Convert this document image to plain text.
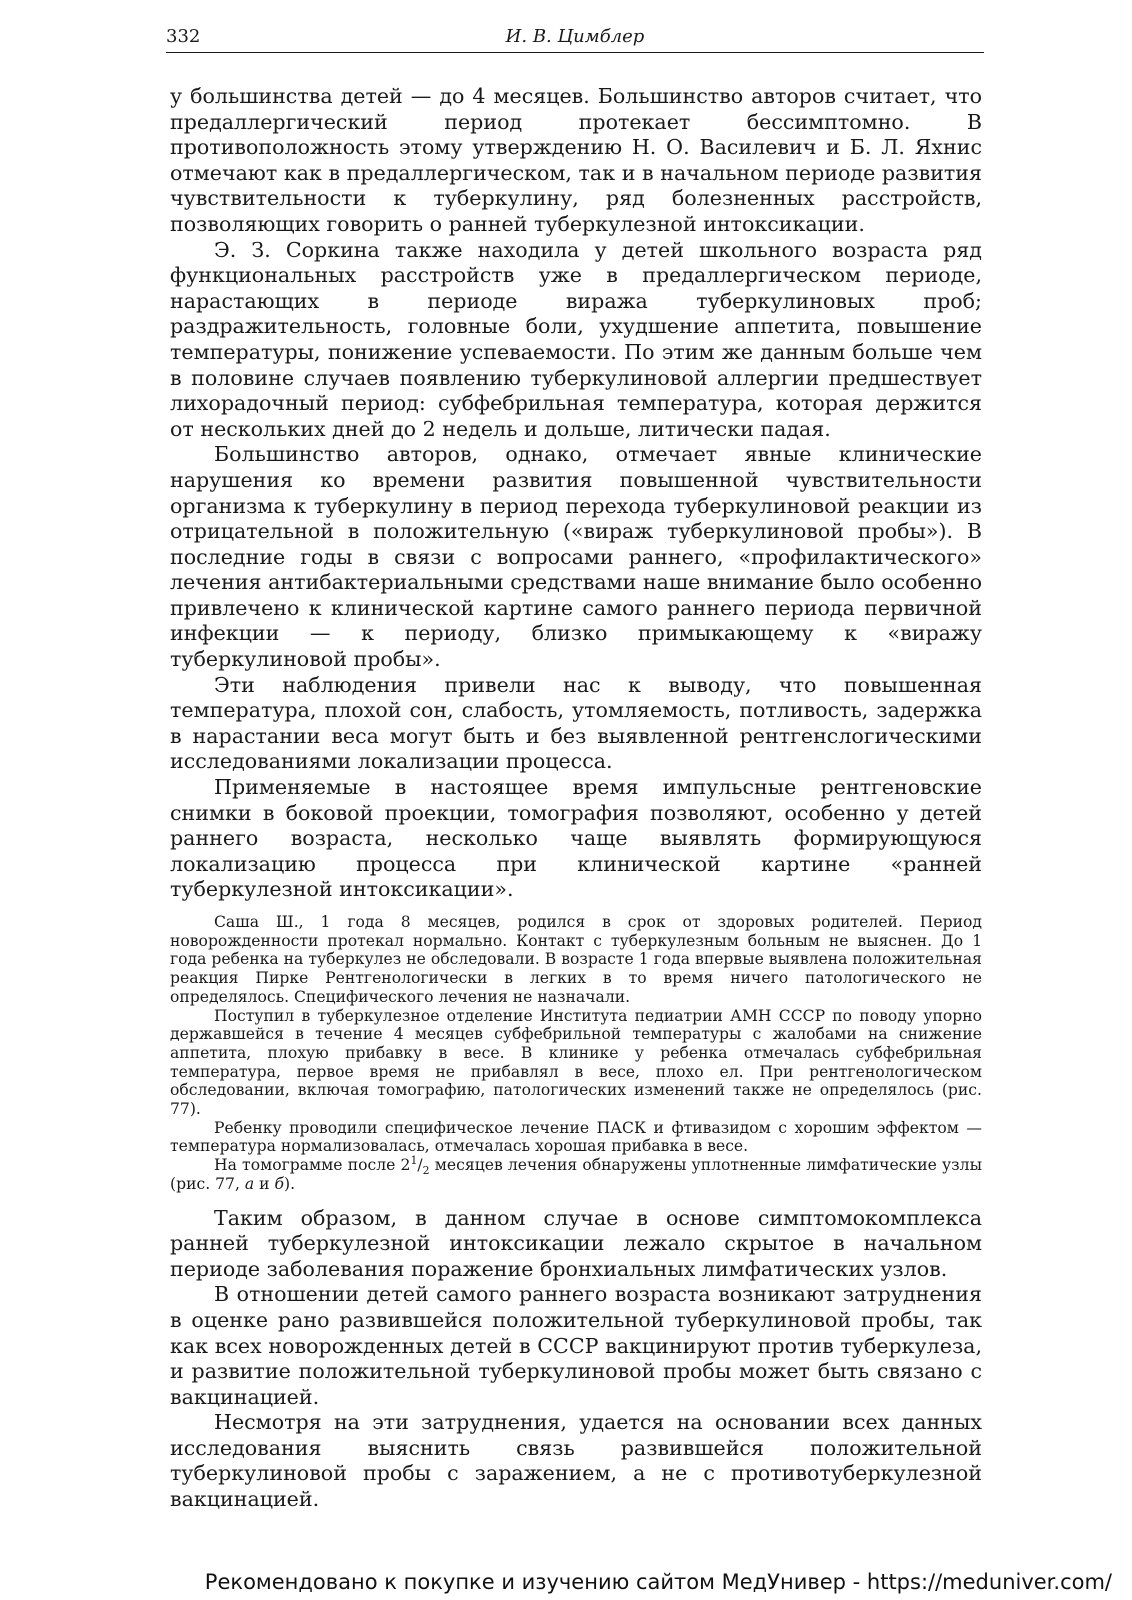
332	И. В. Цимблер

у большинства детей — до 4 месяцев. Большинство авторов считает, что предаллергический период протекает бессимптомно. В противоположность этому утверждению Н. О. Василевич и Б. Л. Яхнис отмечают как в предаллергическом, так и в начальном периоде развития чувствительности к туберкулину, ряд болезненных расстройств, позволяющих говорить о ранней туберкулезной интоксикации.

Э. З. Соркина также находила у детей школьного возраста ряд функциональных расстройств уже в предаллергическом периоде, нарастающих в периоде виража туберкулиновых проб; раздражительность, головные боли, ухудшение аппетита, повышение температуры, понижение успеваемости. По этим же данным больше чем в половине случаев появлению туберкулиновой аллергии предшествует лихорадочный период: субфебрильная температура, которая держится от нескольких дней до 2 недель и дольше, литически падая.

Большинство авторов, однако, отмечает явные клинические нарушения ко времени развития повышенной чувствительности организма к туберкулину в период перехода туберкулиновой реакции из отрицательной в положительную («вираж туберкулиновой пробы»). В последние годы в связи с вопросами раннего, «профилактического» лечения антибактериальными средствами наше внимание было особенно привлечено к клинической картине самого раннего периода первичной инфекции — к периоду, близко примыкающему к «виражу туберкулиновой пробы».

Эти наблюдения привели нас к выводу, что повышенная температура, плохой сон, слабость, утомляемость, потливость, задержка в нарастании веса могут быть и без выявленной рентгенслогическими исследованиями локализации процесса.

Применяемые в настоящее время импульсные рентгеновские снимки в боковой проекции, томография позволяют, особенно у детей раннего возраста, несколько чаще выявлять формирующуюся локализацию процесса при клинической картине «ранней туберкулезной интоксикации».

Саша Ш., 1 года 8 месяцев, родился в срок от здоровых родителей. Период новорожденности протекал нормально. Контакт с туберкулезным больным не выяснен. До 1 года ребенка на туберкулез не обследовали. В возрасте 1 года впервые выявлена положительная реакция Пирке Рентгенологически в легких в то время ничего патологического не определялось. Специфического лечения не назначали.

Поступил в туберкулезное отделение Института педиатрии АМН СССР по поводу упорно державшейся в течение 4 месяцев субфебрильной температуры с жалобами на снижение аппетита, плохую прибавку в весе. В клинике у ребенка отмечалась субфебрильная температура, первое время не прибавлял в весе, плохо ел. При рентгенологическом обследовании, включая томографию, патологических изменений также не определялось (рис. 77).

Ребенку проводили специфическое лечение ПАСК и фтивазидом с хорошим эффектом — температура нормализовалась, отмечалась хорошая прибавка в весе.

На томограмме после $2^1/_2$ месяцев лечения обнаружены уплотненные лимфатические узлы (рис. 77, а и б).

Таким образом, в данном случае в основе симптомокомплекса ранней туберкулезной интоксикации лежало скрытое в начальном периоде заболевания поражение бронхиальных лимфатических узлов.

В отношении детей самого раннего возраста возникают затруднения в оценке рано развившейся положительной туберкулиновой пробы, так как всех новорожденных детей в СССР вакцинируют против туберкулеза, и развитие положительной туберкулиновой пробы может быть связано с вакцинацией.

Несмотря на эти затруднения, удается на основании всех данных исследования выяснить связь развившейся положительной туберкулиновой пробы с заражением, а не с противотуберкулезной вакцинацией.

Рекомендовано к покупке и изучению сайтом МедУнивер - https://meduniver.com/
